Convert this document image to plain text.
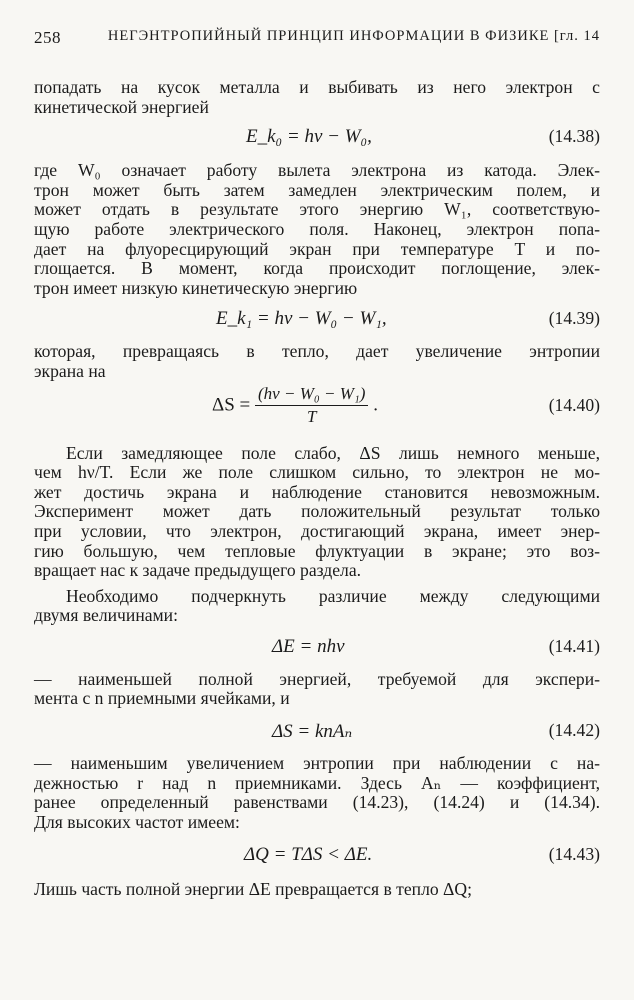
258	НЕГЭНТРОПИЙНЫЙ ПРИНЦИП ИНФОРМАЦИИ В ФИЗИКЕ [гл. 14

попадать на кусок металла и выбивать из него электрон с
кинетической энергией

E_k₀ = hν − W₀,	(14.38)

где W₀ означает работу вылета электрона из катода. Элек-
трон может быть затем замедлен электрическим полем, и
может отдать в результате этого энергию W₁, соответствую-
щую работе электрического поля. Наконец, электрон попа-
дает на флуоресцирующий экран при температуре T и по-
глощается. В момент, когда происходит поглощение, элек-
трон имеет низкую кинетическую энергию

E_k₁ = hν − W₀ − W₁,	(14.39)

которая, превращаясь в тепло, дает увеличение энтропии
экрана на

$\Delta S = \frac{\text{(hν − W₀ − W₁)}}{T}$ .	(14.40)

Если замедляющее поле слабо, ΔS лишь немного меньше,
чем hν/T. Если же поле слишком сильно, то электрон не мо-
жет достичь экрана и наблюдение становится невозможным.
Эксперимент может дать положительный результат только
при условии, что электрон, достигающий экрана, имеет энер-
гию большую, чем тепловые флуктуации в экране; это воз-
вращает нас к задаче предыдущего раздела.

Необходимо подчеркнуть различие между следующими
двумя величинами:

ΔE = nhν	(14.41)

— наименьшей полной энергией, требуемой для экспери-
мента с n приемными ячейками, и

ΔS = knAₙ	(14.42)

— наименьшим увеличением энтропии при наблюдении с на-
дежностью r над n приемниками. Здесь Aₙ — коэффициент,
ранее определенный равенствами (14.23), (14.24) и (14.34).
Для высоких частот имеем:

ΔQ = TΔS < ΔE.	(14.43)

Лишь часть полной энергии ΔE превращается в тепло ΔQ;
